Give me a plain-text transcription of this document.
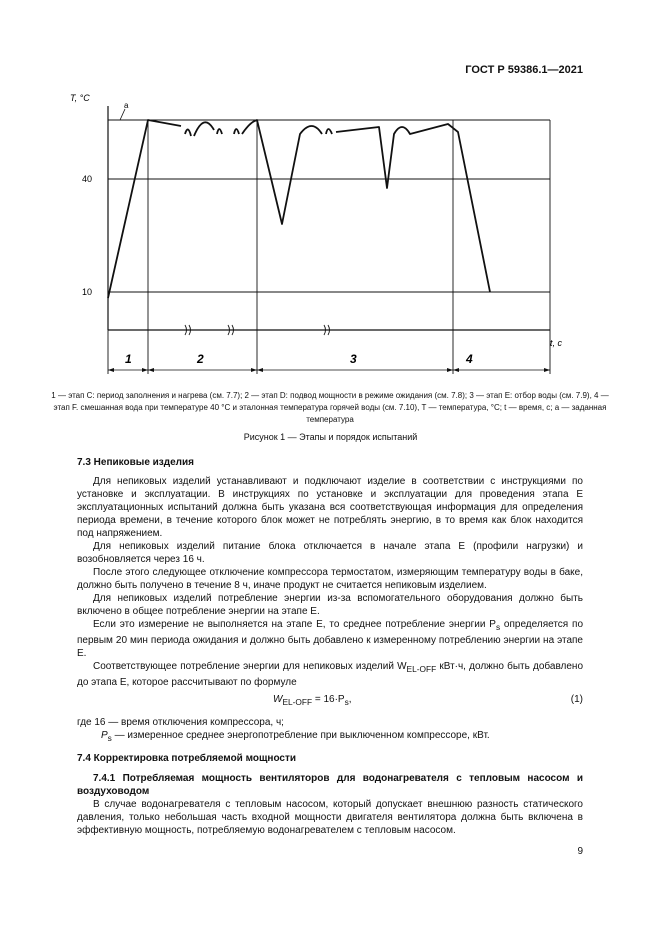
ГОСТ Р 59386.1—2021
T, °C
а
40
10
t, с
1	2	3	4
1 — этап C: период заполнения и нагрева (см. 7.7); 2 — этап D: подвод мощности в режиме ожидания (см. 7.8); 3 — этап E: отбор воды (см. 7.9), 4 — этап F. смешанная вода при температуре 40 °C и эталонная температура горячей воды (см. 7.10), T — температура, °C; t — время, с; a — заданная температура
Рисунок 1 — Этапы и порядок испытаний
7.3 Непиковые изделия

Для непиковых изделий устанавливают и подключают изделие в соответствии с инструкциями по установке и эксплуатации. В инструкциях по установке и эксплуатации для проведения этапа E эксплуатационных испытаний должна быть указана вся соответствующая информация для определения периода времени, в течение которого блок может не потреблять энергию, в то время как блок находится под напряжением.

Для непиковых изделий питание блока отключается в начале этапа E (профили нагрузки) и возобновляется через 16 ч.

После этого следующее отключение компрессора термостатом, измеряющим температуру воды в баке, должно быть получено в течение 8 ч, иначе продукт не считается непиковым изделием.

Для непиковых изделий потребление энергии из-за вспомогательного оборудования должно быть включено в общее потребление энергии на этапе E.

Если это измерение не выполняется на этапе E, то среднее потребление энергии $P_s$ определяется по первым 20 мин периода ожидания и должно быть добавлено к измеренному потреблению энергии на этапе E.

Соответствующее потребление энергии для непиковых изделий $W_{EL-OFF}$ кВт·ч, должно быть добавлено до этапа E, которое рассчитывают по формуле

$W_{EL-OFF} = 16\cdot P_s$,	(1)
где 16 — время отключения компрессора, ч;
$P_s$ — измеренное среднее энергопотребление при выключенном компрессоре, кВт.
7.4 Корректировка потребляемой мощности

7.4.1 Потребляемая мощность вентиляторов для водонагревателя с тепловым насосом и воздуховодом

В случае водонагревателя с тепловым насосом, который допускает внешнюю разность статического давления, только небольшая часть входной мощности двигателя вентилятора должна быть включена в эффективную мощность, потребляемую водонагревателем с тепловым насосом.

9
